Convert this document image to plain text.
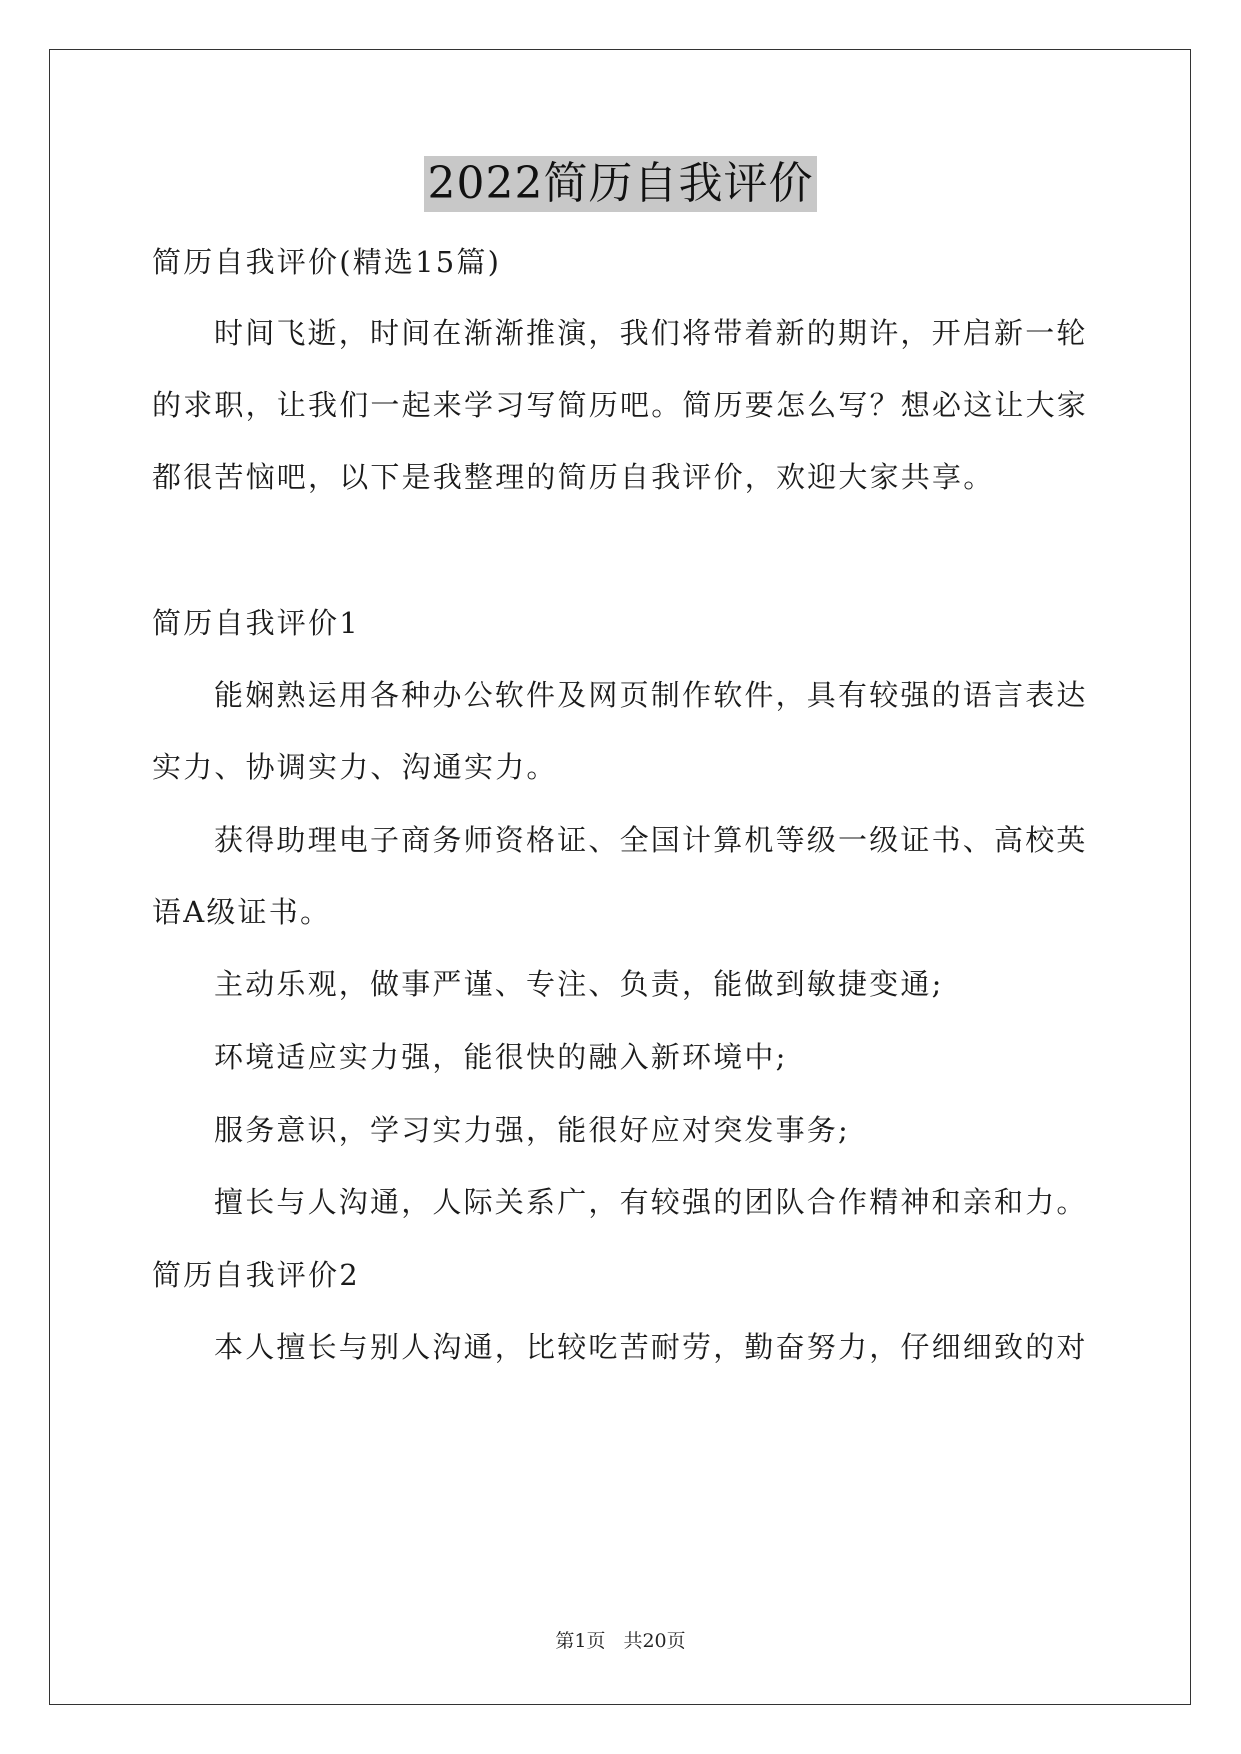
2022简历自我评价
简历自我评价(精选15篇)
时间飞逝，时间在渐渐推演，我们将带着新的期许，开启新一轮
的求职，让我们一起来学习写简历吧。简历要怎么写？想必这让大家
都很苦恼吧，以下是我整理的简历自我评价，欢迎大家共享。
简历自我评价1
能娴熟运用各种办公软件及网页制作软件，具有较强的语言表达
实力、协调实力、沟通实力。
获得助理电子商务师资格证、全国计算机等级一级证书、高校英
语A级证书。
主动乐观，做事严谨、专注、负责，能做到敏捷变通;
环境适应实力强，能很快的融入新环境中;
服务意识，学习实力强，能很好应对突发事务;
擅长与人沟通，人际关系广，有较强的团队合作精神和亲和力。
简历自我评价2
本人擅长与别人沟通，比较吃苦耐劳，勤奋努力，仔细细致的对
第1页 共20页
